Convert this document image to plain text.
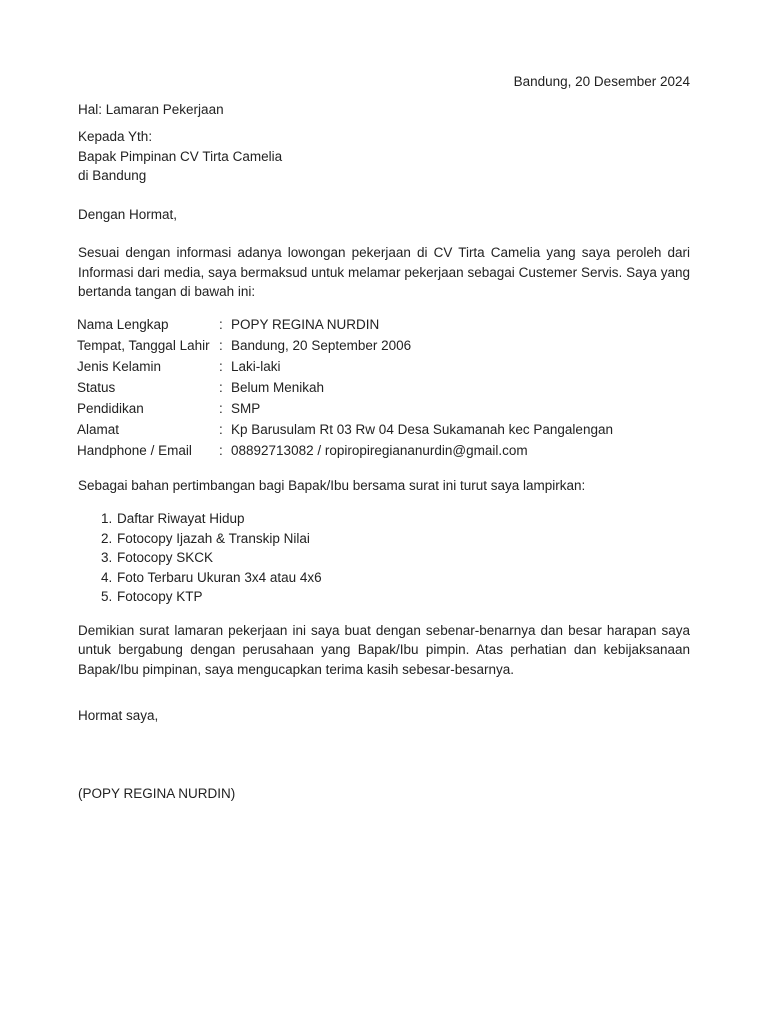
Bandung, 20 Desember 2024

Hal: Lamaran Pekerjaan

Kepada Yth:

Bapak Pimpinan CV Tirta Camelia

di Bandung

Dengan Hormat,

Sesuai dengan informasi adanya lowongan pekerjaan di CV Tirta Camelia yang saya peroleh dari Informasi dari media, saya bermaksud untuk melamar pekerjaan sebagai Custemer Servis. Saya yang bertanda tangan di bawah ini:

Nama Lengkap	:	POPY REGINA NURDIN
Tempat, Tanggal Lahir	:	Bandung, 20 September 2006
Jenis Kelamin	:	Laki-laki
Status	:	Belum Menikah
Pendidikan	:	SMP
Alamat	:	Kp Barusulam Rt 03 Rw 04 Desa Sukamanah kec Pangalengan
Handphone / Email	:	08892713082 / ropiropiregiananurdin@gmail.com

Sebagai bahan pertimbangan bagi Bapak/Ibu bersama surat ini turut saya lampirkan:

1. Daftar Riwayat Hidup
2. Fotocopy Ijazah & Transkip Nilai
3. Fotocopy SKCK
4. Foto Terbaru Ukuran 3x4 atau 4x6
5. Fotocopy KTP

Demikian surat lamaran pekerjaan ini saya buat dengan sebenar-benarnya dan besar harapan saya untuk bergabung dengan perusahaan yang Bapak/Ibu pimpin. Atas perhatian dan kebijaksanaan Bapak/Ibu pimpinan, saya mengucapkan terima kasih sebesar-besarnya.

Hormat saya,

(POPY REGINA NURDIN)
